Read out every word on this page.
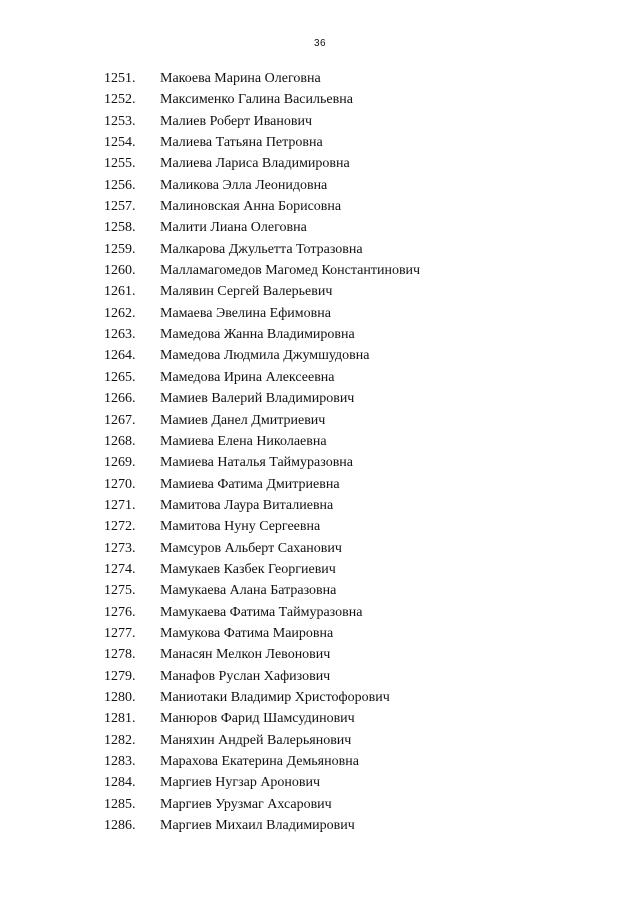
36
1251.	Макоева Марина Олеговна
1252.	Максименко Галина Васильевна
1253.	Малиев Роберт Иванович
1254.	Малиева Татьяна Петровна
1255.	Малиева Лариса Владимировна
1256.	Маликова Элла Леонидовна
1257.	Малиновская Анна Борисовна
1258.	Малити Лиана Олеговна
1259.	Малкарова Джульетта Тотразовна
1260.	Малламагомедов Магомед Константинович
1261.	Малявин Сергей Валерьевич
1262.	Мамаева Эвелина Ефимовна
1263.	Мамедова Жанна Владимировна
1264.	Мамедова Людмила Джумшудовна
1265.	Мамедова Ирина Алексеевна
1266.	Мамиев Валерий Владимирович
1267.	Мамиев Данел Дмитриевич
1268.	Мамиева Елена Николаевна
1269.	Мамиева Наталья Таймуразовна
1270.	Мамиева Фатима Дмитриевна
1271.	Мамитова Лаура Виталиевна
1272.	Мамитова Нуну Сергеевна
1273.	Мамсуров Альберт Саханович
1274.	Мамукаев Казбек Георгиевич
1275.	Мамукаева Алана Батразовна
1276.	Мамукаева Фатима Таймуразовна
1277.	Мамукова Фатима Маировна
1278.	Манасян Мелкон Левонович
1279.	Манафов Руслан Хафизович
1280.	Маниотаки Владимир Христофорович
1281.	Манюров Фарид Шамсудинович
1282.	Маняхин Андрей Валерьянович
1283.	Марахова Екатерина Демьяновна
1284.	Маргиев Нугзар Аронович
1285.	Маргиев Урузмаг Ахсарович
1286.	Маргиев Михаил Владимирович
